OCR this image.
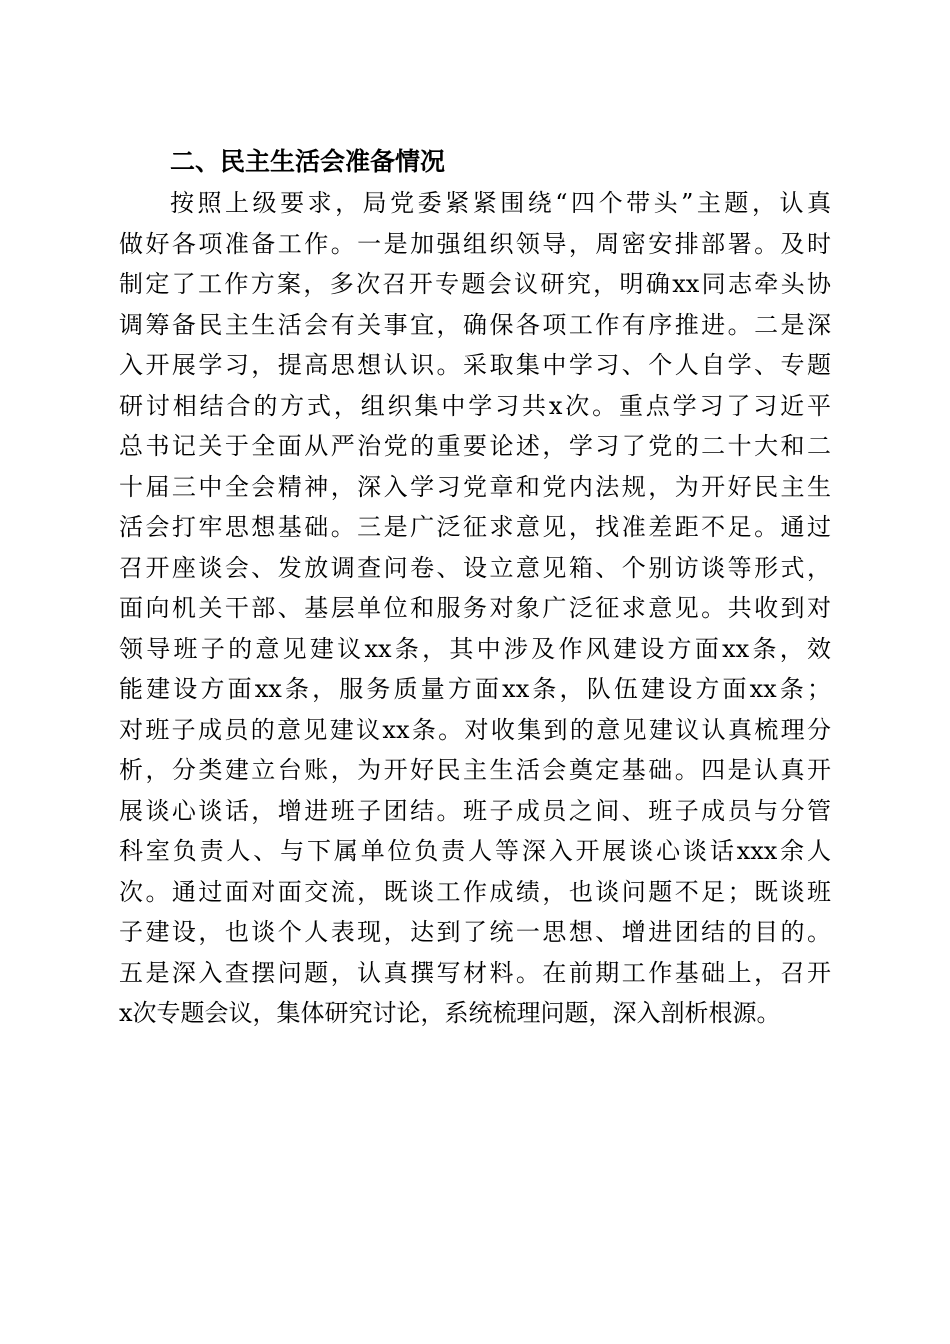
二、民主生活会准备情况
按照上级要求，局党委紧紧围绕“四个带头”主题，认真
做好各项准备工作。一是加强组织领导，周密安排部署。及时
制定了工作方案，多次召开专题会议研究，明确xx同志牵头协
调筹备民主生活会有关事宜，确保各项工作有序推进。二是深
入开展学习，提高思想认识。采取集中学习、个人自学、专题
研讨相结合的方式，组织集中学习共x次。重点学习了习近平
总书记关于全面从严治党的重要论述，学习了党的二十大和二
十届三中全会精神，深入学习党章和党内法规，为开好民主生
活会打牢思想基础。三是广泛征求意见，找准差距不足。通过
召开座谈会、发放调查问卷、设立意见箱、个别访谈等形式，
面向机关干部、基层单位和服务对象广泛征求意见。共收到对
领导班子的意见建议xx条，其中涉及作风建设方面xx条，效
能建设方面xx条，服务质量方面xx条，队伍建设方面xx条；
对班子成员的意见建议xx条。对收集到的意见建议认真梳理分
析，分类建立台账，为开好民主生活会奠定基础。四是认真开
展谈心谈话，增进班子团结。班子成员之间、班子成员与分管
科室负责人、与下属单位负责人等深入开展谈心谈话xxx余人
次。通过面对面交流，既谈工作成绩，也谈问题不足；既谈班
子建设，也谈个人表现，达到了统一思想、增进团结的目的。
五是深入查摆问题，认真撰写材料。在前期工作基础上，召开
x次专题会议，集体研究讨论，系统梳理问题，深入剖析根源。
